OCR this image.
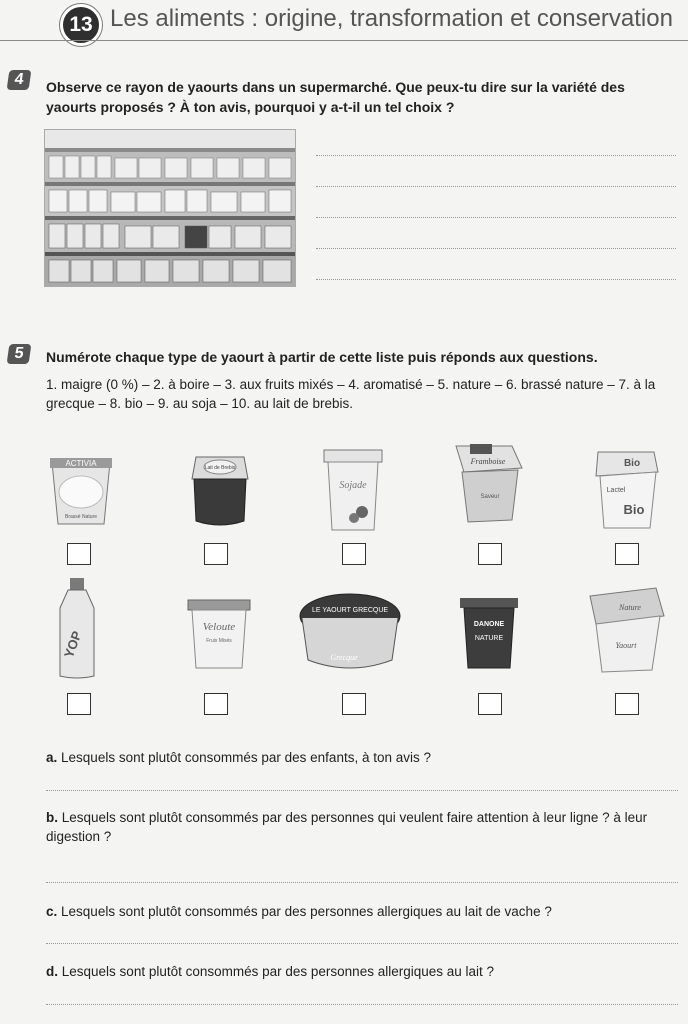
13 Les aliments : origine, transformation et conservation
4	Observe ce rayon de yaourts dans un supermarché. Que peux-tu dire sur la variété des yaourts proposés ? À ton avis, pourquoi y a-t-il un tel choix ?
5	Numérote chaque type de yaourt à partir de cette liste puis réponds aux questions.
1. maigre (0 %) – 2. à boire – 3. aux fruits mixés – 4. aromatisé – 5. nature – 6. brassé nature – 7. à la grecque – 8. bio – 9. au soja – 10. au lait de brebis.
ACTIVIA
Brassé Nature
Lait de Brebis
Sojade
Framboise
Saveur
Bio
Lactel
Bio
YOP
Veloute
Fruix Mixés
LE YAOURT GRECQUE
Grecque
DANONE
NATURE
Nature
Yaourt
a. Lesquels sont plutôt consommés par des enfants, à ton avis ?
b. Lesquels sont plutôt consommés par des personnes qui veulent faire attention à leur ligne ? à leur digestion ?
c. Lesquels sont plutôt consommés par des personnes allergiques au lait de vache ?
d. Lesquels sont plutôt consommés par des personnes allergiques au lait ?
